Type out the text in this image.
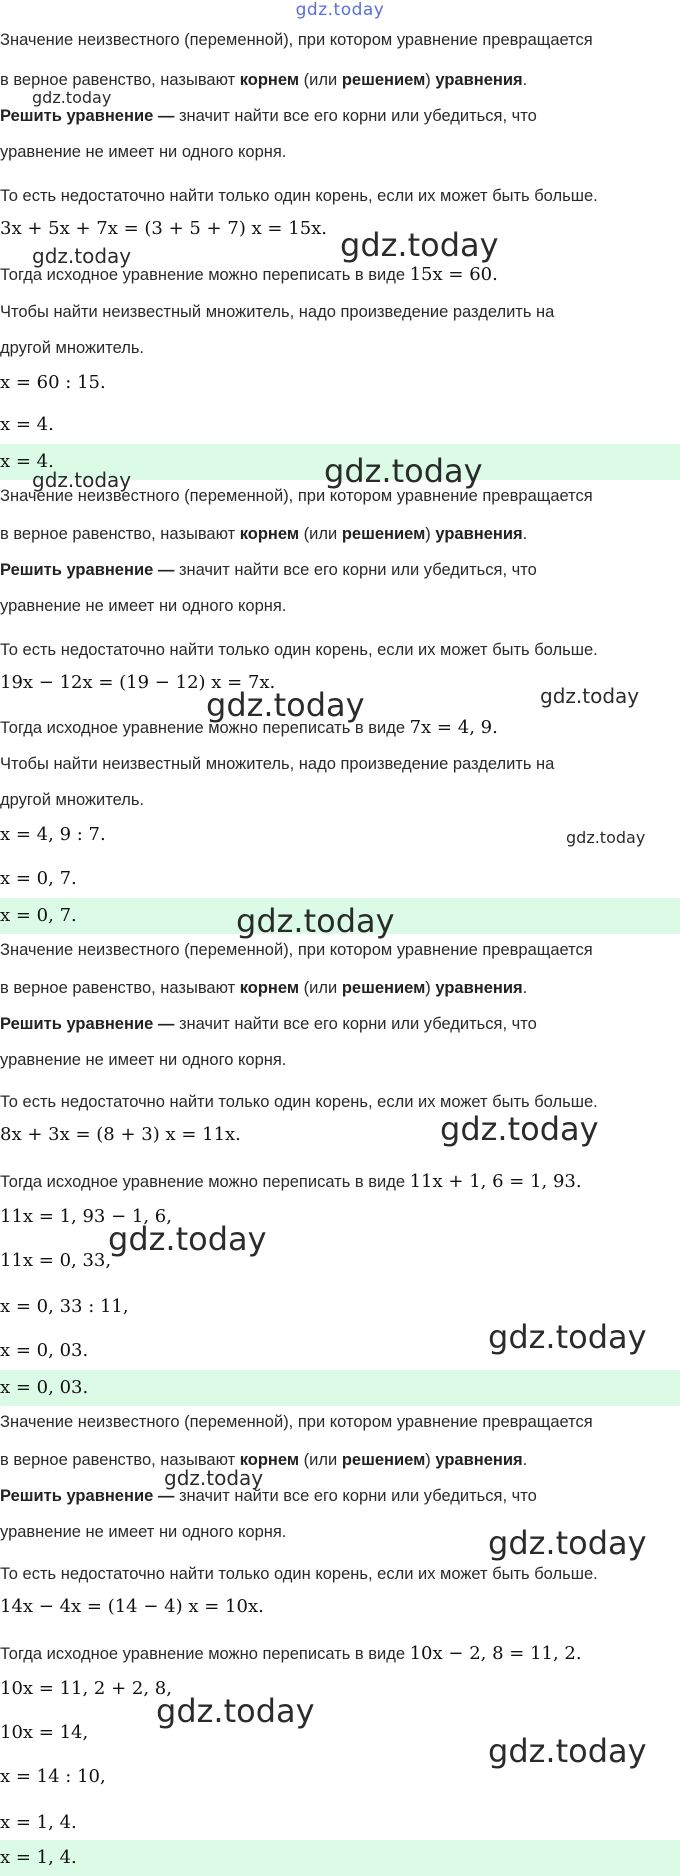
gdz.today
Значение неизвестного (переменной), при котором уравнение превращается
в верное равенство, называют корнем (или решением) уравнения.
Решить уравнение — значит найти все его корни или убедиться, что
уравнение не имеет ни одного корня.
То есть недостаточно найти только один корень, если их может быть больше.
3x + 5x + 7x = (3 + 5 + 7) x = 15x.
Тогда исходное уравнение можно переписать в виде 15x = 60.
Чтобы найти неизвестный множитель, надо произведение разделить на
другой множитель.
x = 60 : 15.
x = 4.
x = 4.
Значение неизвестного (переменной), при котором уравнение превращается
в верное равенство, называют корнем (или решением) уравнения.
Решить уравнение — значит найти все его корни или убедиться, что
уравнение не имеет ни одного корня.
То есть недостаточно найти только один корень, если их может быть больше.
19x − 12x = (19 − 12) x = 7x.
Тогда исходное уравнение можно переписать в виде 7x = 4, 9.
Чтобы найти неизвестный множитель, надо произведение разделить на
другой множитель.
x = 4, 9 : 7.
x = 0, 7.
x = 0, 7.
Значение неизвестного (переменной), при котором уравнение превращается
в верное равенство, называют корнем (или решением) уравнения.
Решить уравнение — значит найти все его корни или убедиться, что
уравнение не имеет ни одного корня.
То есть недостаточно найти только один корень, если их может быть больше.
8x + 3x = (8 + 3) x = 11x.
Тогда исходное уравнение можно переписать в виде 11x + 1, 6 = 1, 93.
11x = 1, 93 − 1, 6,
11x = 0, 33,
x = 0, 33 : 11,
x = 0, 03.
x = 0, 03.
Значение неизвестного (переменной), при котором уравнение превращается
в верное равенство, называют корнем (или решением) уравнения.
Решить уравнение — значит найти все его корни или убедиться, что
уравнение не имеет ни одного корня.
То есть недостаточно найти только один корень, если их может быть больше.
14x − 4x = (14 − 4) x = 10x.
Тогда исходное уравнение можно переписать в виде 10x − 2, 8 = 11, 2.
10x = 11, 2 + 2, 8,
10x = 14,
x = 14 : 10,
x = 1, 4.
x = 1, 4.
gdz.today
gdz.today	gdz.today
gdz.today	gdz.today
gdz.today	gdz.today
gdz.today
gdz.today
gdz.today
gdz.today
gdz.today
gdz.today
gdz.today
gdz.today
gdz.today
